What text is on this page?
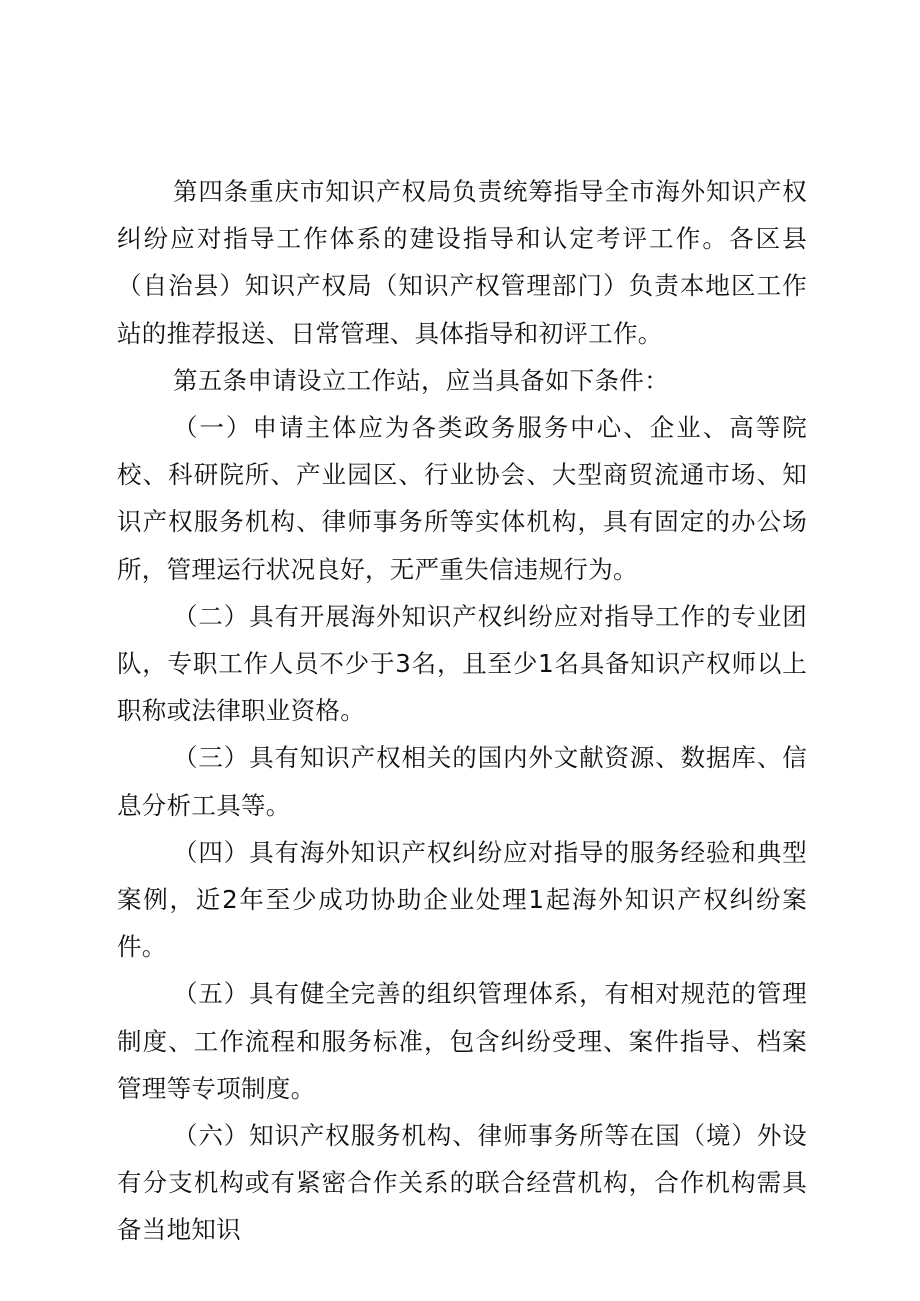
第四条重庆市知识产权局负责统筹指导全市海外知识产权纠纷应对指导工作体系的建设指导和认定考评工作。各区县（自治县）知识产权局（知识产权管理部门）负责本地区工作站的推荐报送、日常管理、具体指导和初评工作。

第五条申请设立工作站，应当具备如下条件：

（一）申请主体应为各类政务服务中心、企业、高等院校、科研院所、产业园区、行业协会、大型商贸流通市场、知识产权服务机构、律师事务所等实体机构，具有固定的办公场所，管理运行状况良好，无严重失信违规行为。

（二）具有开展海外知识产权纠纷应对指导工作的专业团队，专职工作人员不少于3名，且至少1名具备知识产权师以上职称或法律职业资格。

（三）具有知识产权相关的国内外文献资源、数据库、信息分析工具等。

（四）具有海外知识产权纠纷应对指导的服务经验和典型案例，近2年至少成功协助企业处理1起海外知识产权纠纷案件。

（五）具有健全完善的组织管理体系，有相对规范的管理制度、工作流程和服务标准，包含纠纷受理、案件指导、档案管理等专项制度。

（六）知识产权服务机构、律师事务所等在国（境）外设有分支机构或有紧密合作关系的联合经营机构，合作机构需具备当地知识
